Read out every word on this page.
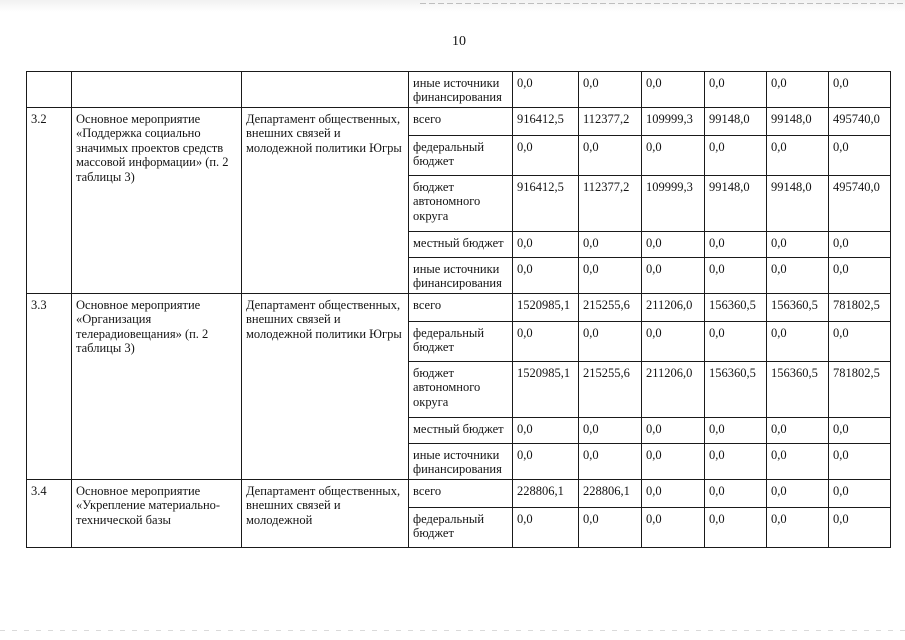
10
			иные источники финансирования	0,0	0,0	0,0	0,0	0,0	0,0
3.2	Основное мероприятие «Поддержка социально значимых проектов средств массовой информации» (п. 2 таблицы 3)	Департамент общественных, внешних связей и молодежной политики Югры	всего	916412,5	112377,2	109999,3	99148,0	99148,0	495740,0
			федеральный бюджет	0,0	0,0	0,0	0,0	0,0	0,0
			бюджет автономного округа	916412,5	112377,2	109999,3	99148,0	99148,0	495740,0
			местный бюджет	0,0	0,0	0,0	0,0	0,0	0,0
			иные источники финансирования	0,0	0,0	0,0	0,0	0,0	0,0
3.3	Основное мероприятие «Организация телерадиовещания» (п. 2 таблицы 3)	Департамент общественных, внешних связей и молодежной политики Югры	всего	1520985,1	215255,6	211206,0	156360,5	156360,5	781802,5
			федеральный бюджет	0,0	0,0	0,0	0,0	0,0	0,0
			бюджет автономного округа	1520985,1	215255,6	211206,0	156360,5	156360,5	781802,5
			местный бюджет	0,0	0,0	0,0	0,0	0,0	0,0
			иные источники финансирования	0,0	0,0	0,0	0,0	0,0	0,0
3.4	Основное мероприятие «Укрепление материально-технической базы	Департамент общественных, внешних связей и молодежной	всего	228806,1	228806,1	0,0	0,0	0,0	0,0
			федеральный бюджет	0,0	0,0	0,0	0,0	0,0	0,0
